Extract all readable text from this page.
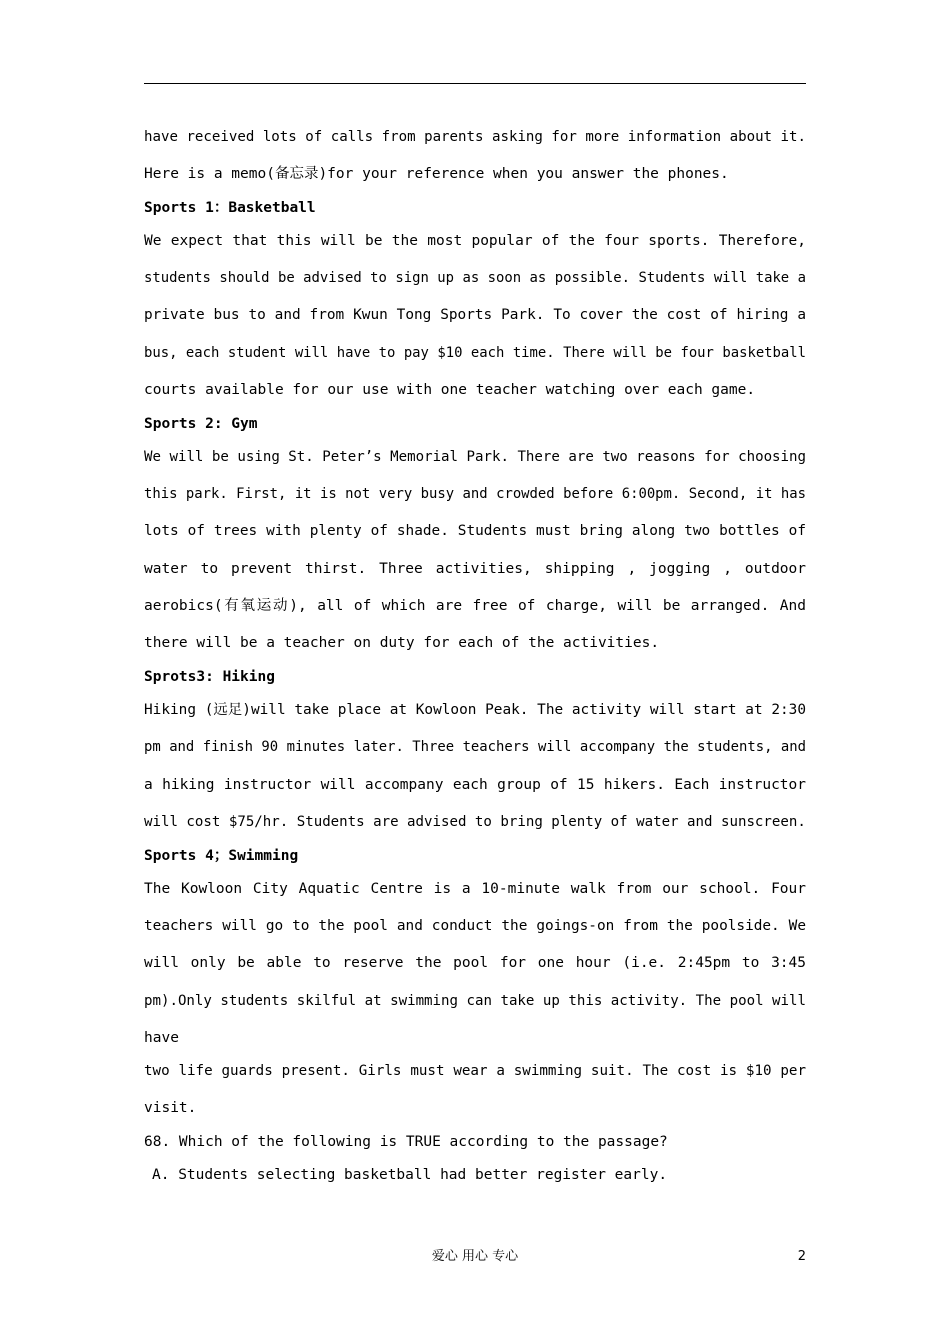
have received lots of calls from parents asking for more information about it.
Here is a memo(备忘录)for your reference when you answer the phones.
Sports 1：Basketball
We expect that this will be the most popular of the four sports. Therefore,
students should be advised to sign up as soon as possible. Students will take a
private bus to and from Kwun Tong Sports Park. To cover the cost of hiring a
bus, each student will have to pay $10 each time. There will be four basketball
courts available for our use with one teacher watching over each game.
Sports 2: Gym
We will be using St. Peter’s Memorial Park. There are two reasons for choosing
this park. First, it is not very busy and crowded before 6:00pm. Second, it has
lots of trees with plenty of shade. Students must bring along two bottles of
water to prevent thirst. Three activities, shipping , jogging , outdoor
aerobics(有氧运动), all of which are free of charge, will be arranged. And
there will be a teacher on duty for each of the activities.
Sprots3: Hiking
Hiking (远足)will take place at Kowloon Peak. The activity will start at 2:30
pm and finish 90 minutes later. Three teachers will accompany the students, and
a hiking instructor will accompany each group of 15 hikers. Each instructor
will cost $75/hr. Students are advised to bring plenty of water and sunscreen.
Sports 4；Swimming
The Kowloon City Aquatic Centre is a 10-minute walk from our school. Four
teachers will go to the pool and conduct the goings-on from the poolside. We
will only be able to reserve the pool for one hour (i.e. 2:45pm to 3:45
pm).Only students skilful at swimming can take up this activity. The pool will
have
two life guards present. Girls must wear a swimming suit. The cost is $10 per
visit.
68. Which of the following is TRUE according to the passage?
A. Students selecting basketball had better register early.
爱心 用心 专心	2
